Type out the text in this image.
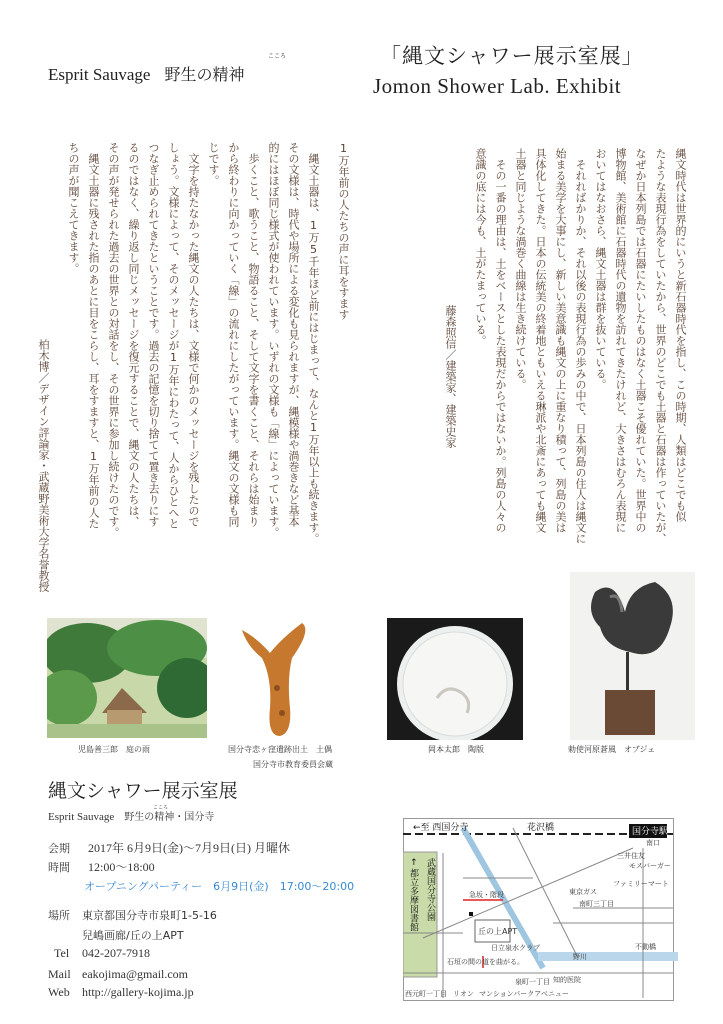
Esprit Sauvage 野生の精神
こころ	「縄文シャワー展示室展」
Jomon Shower Lab. Exhibit
縄文時代は世界的にいうと新石器時代を指し、この時期、人類はどこでも似
たような表現行為をしていたから、世界のどこでも土器と石器は作っていたが、
なぜか日本列島では石器にたいしたものはなく土器こそ優れていた。世界中の
博物館、美術館に石器時代の遺物を訪れてきたけれど、大きさはむろん表現に
おいてはなおさら、縄文土器は群を抜いている。
　それればかりか、それ以後の表現行為の歩みの中で、日本列島の住人は縄文に
始まる美学を大事にし、新しい美意識も縄文の上に重なり積って、列島の美は
具体化してきた。日本の伝統美の終着地ともいえる琳派や北斎にあっても縄文
土器と同じような渦巻く曲線は生き続けている。
　その一番の理由は、土をベースとした表現だからではないか。列島の人々の
意識の底には今も、土がたまっている。
藤森照信／建築家、建築史家
1万年前の人たちの声に耳をすます
　縄文土器は、1万5千年ほど前にはじまって、なんと1万年以上も続きます。
その文様は、時代や場所による変化も見られますが、縄模様や渦巻きなど基本
的にはほぼ同じ様式が使われています。いずれの文様も「線」によっています。
　歩くこと、歌うこと、物語ること、そして文字を書くこと、それらは始まり
から終わりに向かっていく「線」の流れにしたがっています。縄文の文様も同
じです。
　文字を持たなかった縄文の人たちは、文様で何かのメッセージを残したので
しょう。文様によって、そのメッセージが1万年にわたって、人からひとへと
つなぎ止められてきたということです。過去の記憶を切り捨てて置き去りにす
るのではなく、繰り返し同じメッセージを復元することで、縄文の人たちは、
その声が発せられた過去の世界との対話をし、その世界に参加し続けたのです。
　縄文土器に残された指のあとに目をこらし、耳をすますと、1万年前の人た
ちの声が聞こえてきます。
柏木博／デザイン評論家・武蔵野美術大学名誉教授
児島善三郎　庭の雨	国分寺恋ヶ窪遺跡出土　土偶
国分寺市教育委員会蔵
岡本太郎　陶版	勅使河原蒼風　オブジェ
縄文シャワー展示室展
こころ
Esprit Sauvage　 野生の精神・国分寺
会期 2017年 6月9日(金)〜7月9日(日) 月曜休
時間 12:00〜18:00
オープニングパーティー　6月9日(金)　17:00〜20:00
場所 東京都国分寺市泉町1-5-16
兒嶋画廊/丘の上APT
Tel 042-207-7918
Mail eakojima@gmail.com
Web http://gallery-kojima.jp
国分寺駅
南口
←至 西国分寺	花沢橋
野川
丘の上APT
急坂・階段
石垣の間の道を曲がる。
武蔵国分寺公園
← 都立多摩図書館	南町三丁目
泉町一丁目
西元町一丁目
三井住友
モスバーガー
ファミリーマート
東京ガス
日立泉水クラブ
知的医院
リオン マンションパークアベニュー
不動橋
